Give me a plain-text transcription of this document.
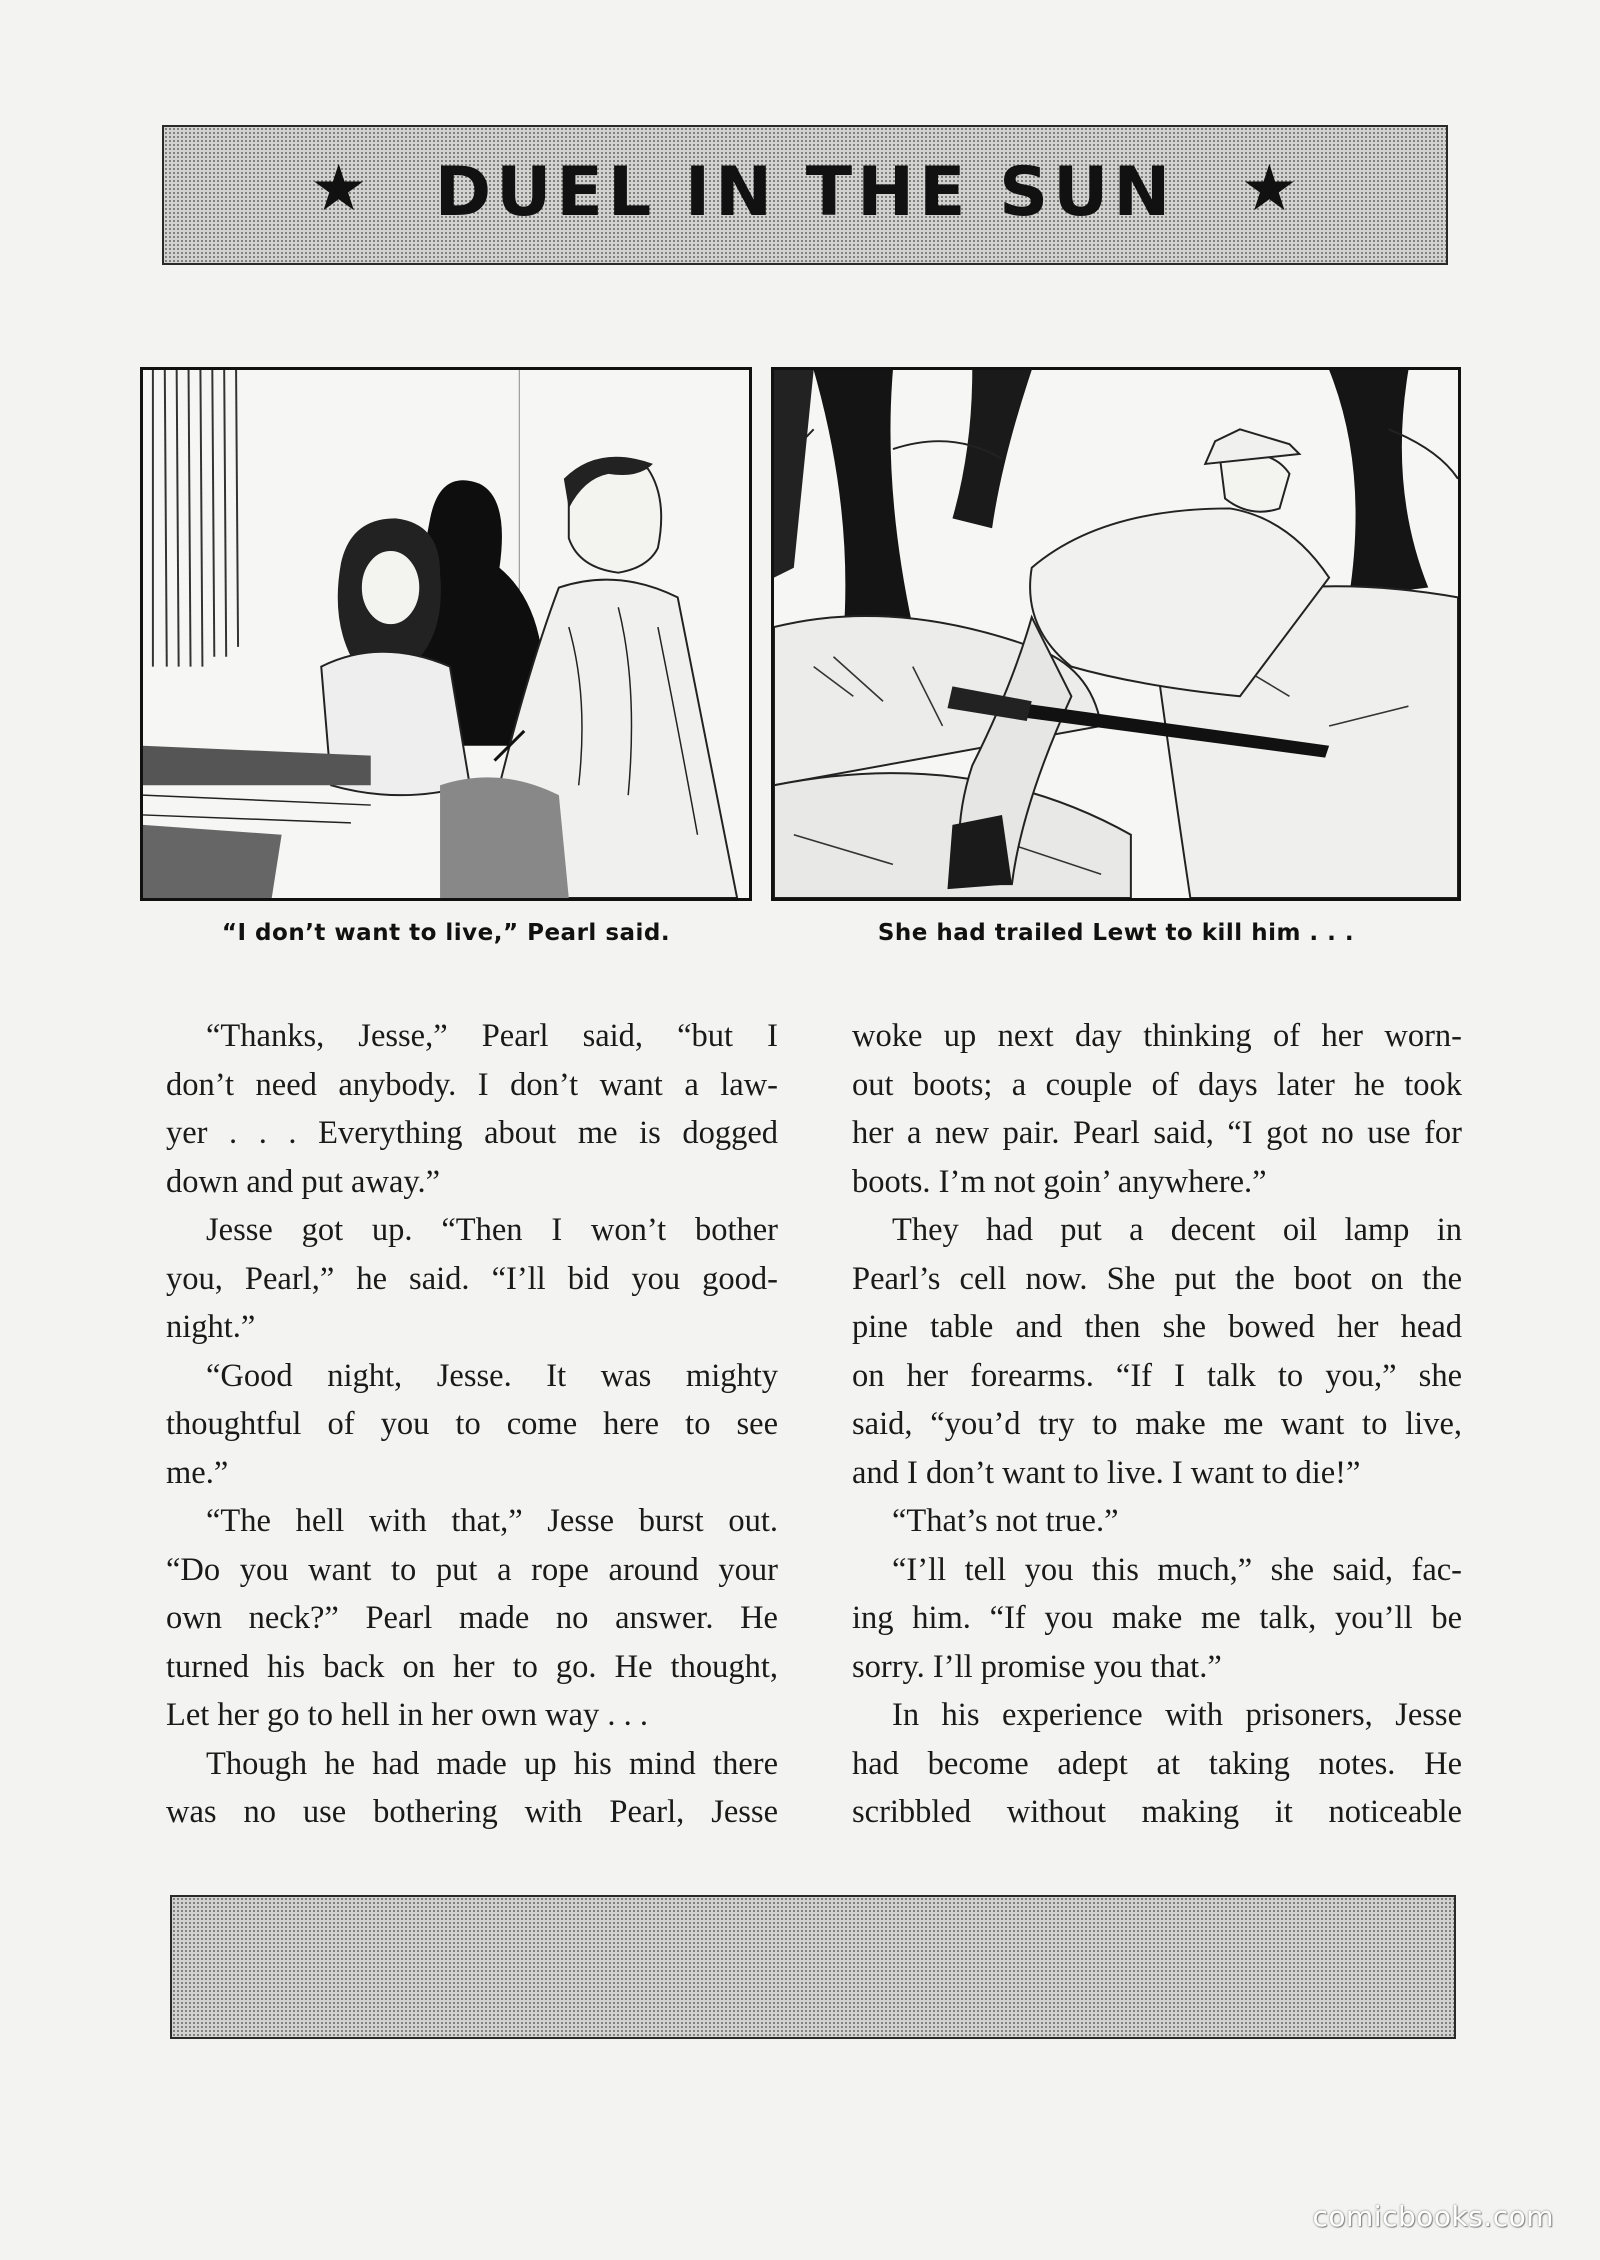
★ DUEL IN THE SUN	★
“I don’t want to live,” Pearl said.	She had trailed Lewt to kill him . . .
“Thanks, Jesse,” Pearl said, “but I
don’t need anybody. I don’t want a law-
yer . . . Everything about me is dogged
down and put away.”
Jesse got up. “Then I won’t bother
you, Pearl,” he said. “I’ll bid you good-
night.”
“Good night, Jesse. It was mighty
thoughtful of you to come here to see
me.”
“The hell with that,” Jesse burst out.
“Do you want to put a rope around your
own neck?” Pearl made no answer. He
turned his back on her to go. He thought,
Let her go to hell in her own way . . .
Though he had made up his mind there
was no use bothering with Pearl, Jesse
woke up next day thinking of her worn-
out boots; a couple of days later he took
her a new pair. Pearl said, “I got no use for
boots. I’m not goin’ anywhere.”
They had put a decent oil lamp in
Pearl’s cell now. She put the boot on the
pine table and then she bowed her head
on her forearms. “If I talk to you,” she
said, “you’d try to make me want to live,
and I don’t want to live. I want to die!”
“That’s not true.”
“I’ll tell you this much,” she said, fac-
ing him. “If you make me talk, you’ll be
sorry. I’ll promise you that.”
In his experience with prisoners, Jesse
had become adept at taking notes. He
scribbled without making it noticeable
comicbooks.com
